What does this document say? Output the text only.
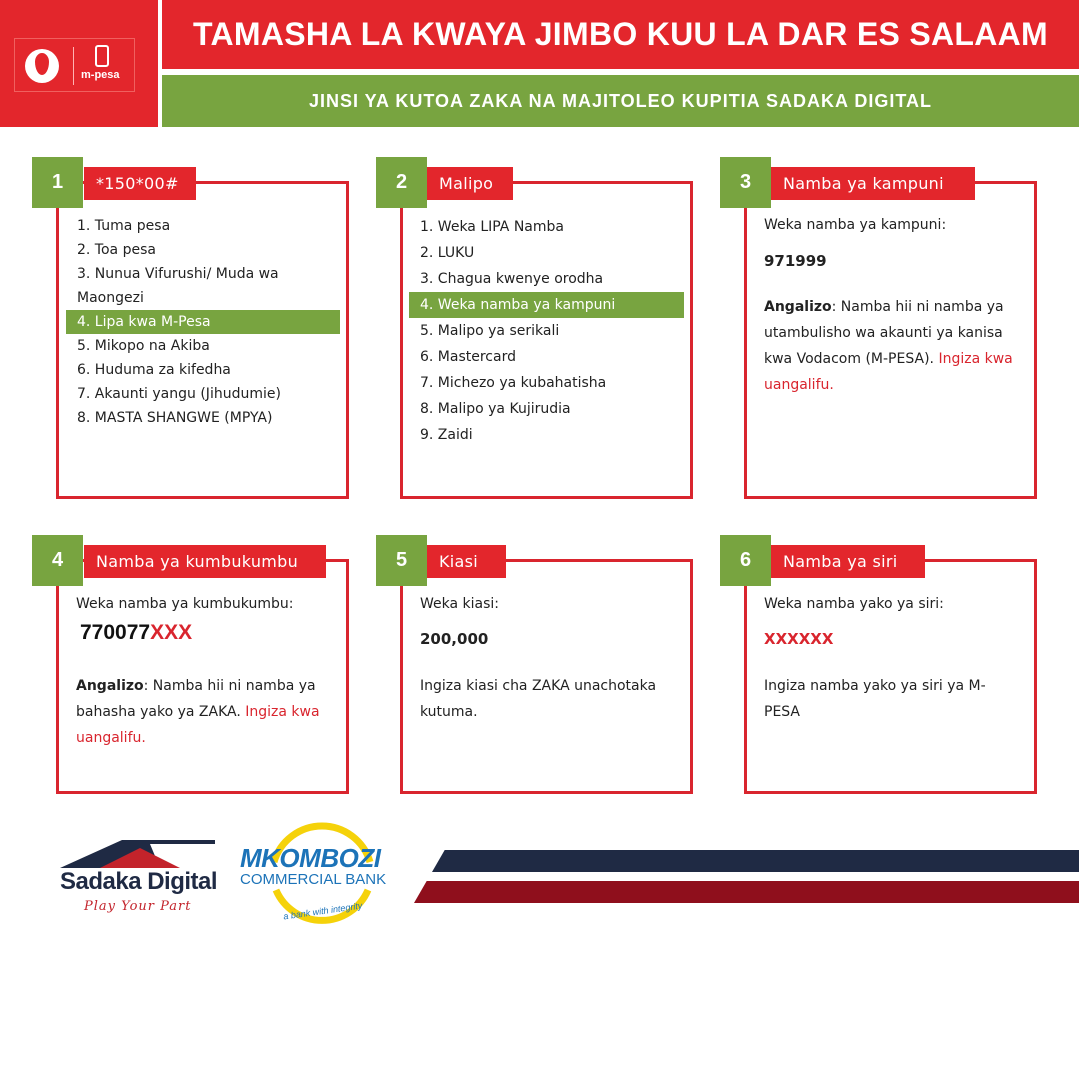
m-pesa
TAMASHA LA KWAYA JIMBO KUU LA DAR ES SALAAM
JINSI YA KUTOA ZAKA NA MAJITOLEO KUPITIA SADAKA DIGITAL
1	*150*00#
1. Tuma pesa
2. Toa pesa
3. Nunua Vifurushi/ Muda wa
Maongezi
4. Lipa kwa M-Pesa
5. Mikopo na Akiba
6. Huduma za kifedha
7. Akaunti yangu (Jihudumie)
8. MASTA SHANGWE (MPYA)
2	Malipo
1. Weka LIPA Namba
2. LUKU
3. Chagua kwenye orodha
4. Weka namba ya kampuni
5. Malipo ya serikali
6. Mastercard
7. Michezo ya kubahatisha
8. Malipo ya Kujirudia
9. Zaidi
3	Namba ya kampuni
Weka namba ya kampuni:
971999
Angalizo: Namba hii ni namba ya utambulisho wa akaunti ya kanisa kwa Vodacom (M-PESA). Ingiza kwa uangalifu.
4	Namba ya kumbukumbu
Weka namba ya kumbukumbu:
770077XXX
Angalizo: Namba hii ni namba ya bahasha yako ya ZAKA. Ingiza kwa uangalifu.
5	Kiasi
Weka kiasi:
200,000
Ingiza kiasi cha ZAKA unachotaka kutuma.
6	Namba ya siri
Weka namba yako ya siri:
XXXXXX
Ingiza namba yako ya siri ya M-PESA
Sadaka Digital
Play Your Part
MKOMBOZI
COMMERCIAL BANK
a bank with integrity
